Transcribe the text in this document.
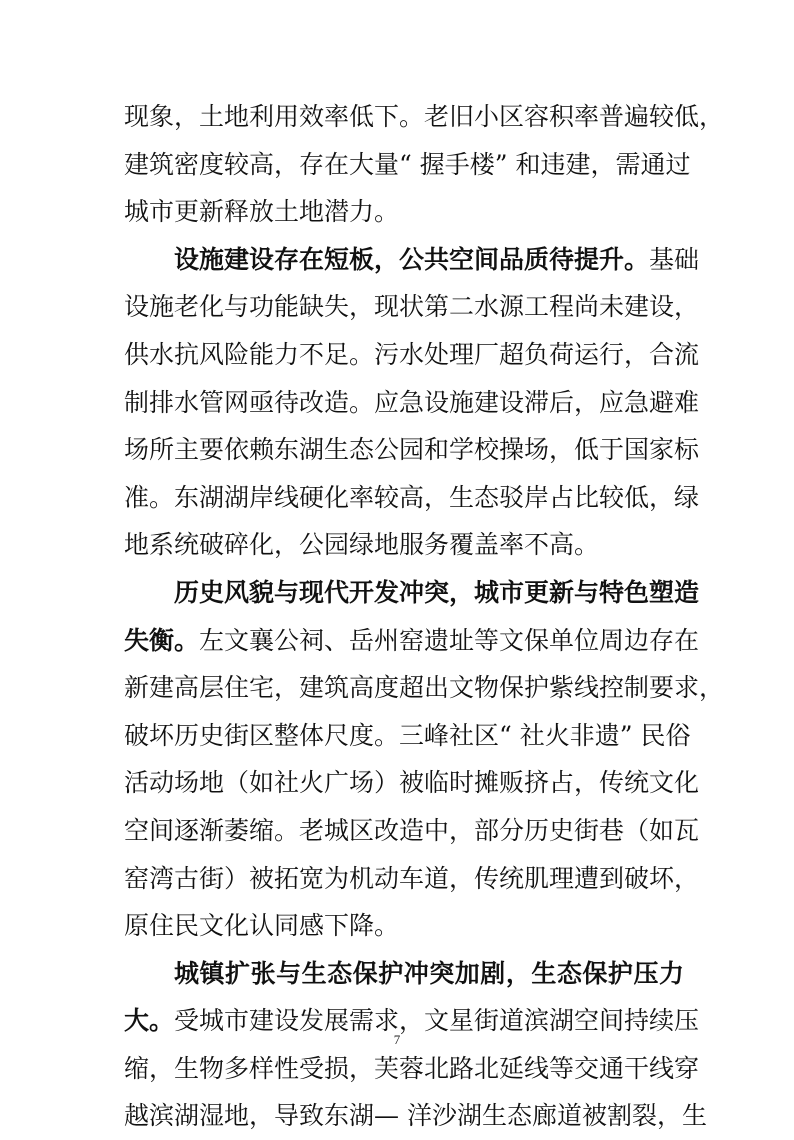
现象，土地利用效率低下。老旧小区容积率普遍较低，
建筑密度较高，存在大量“ 握手楼” 和违建，需通过
城市更新释放土地潜力。
设施建设存在短板，公共空间品质待提升。基础
设施老化与功能缺失，现状第二水源工程尚未建设，
供水抗风险能力不足。污水处理厂超负荷运行，合流
制排水管网亟待改造。应急设施建设滞后，应急避难
场所主要依赖东湖生态公园和学校操场，低于国家标
准。东湖湖岸线硬化率较高，生态驳岸占比较低，绿
地系统破碎化，公园绿地服务覆盖率不高。
历史风貌与现代开发冲突，城市更新与特色塑造
失衡。左文襄公祠、岳州窑遗址等文保单位周边存在
新建高层住宅，建筑高度超出文物保护紫线控制要求，
破坏历史街区整体尺度。三峰社区“ 社火非遗” 民俗
活动场地（如社火广场）被临时摊贩挤占，传统文化
空间逐渐萎缩。老城区改造中，部分历史街巷（如瓦
窑湾古街）被拓宽为机动车道，传统肌理遭到破坏，
原住民文化认同感下降。
城镇扩张与生态保护冲突加剧，生态保护压力
大。受城市建设发展需求，文星街道滨湖空间持续压
缩，生物多样性受损，芙蓉北路北延线等交通干线穿
越滨湖湿地，导致东湖— 洋沙湖生态廊道被割裂，生
7
